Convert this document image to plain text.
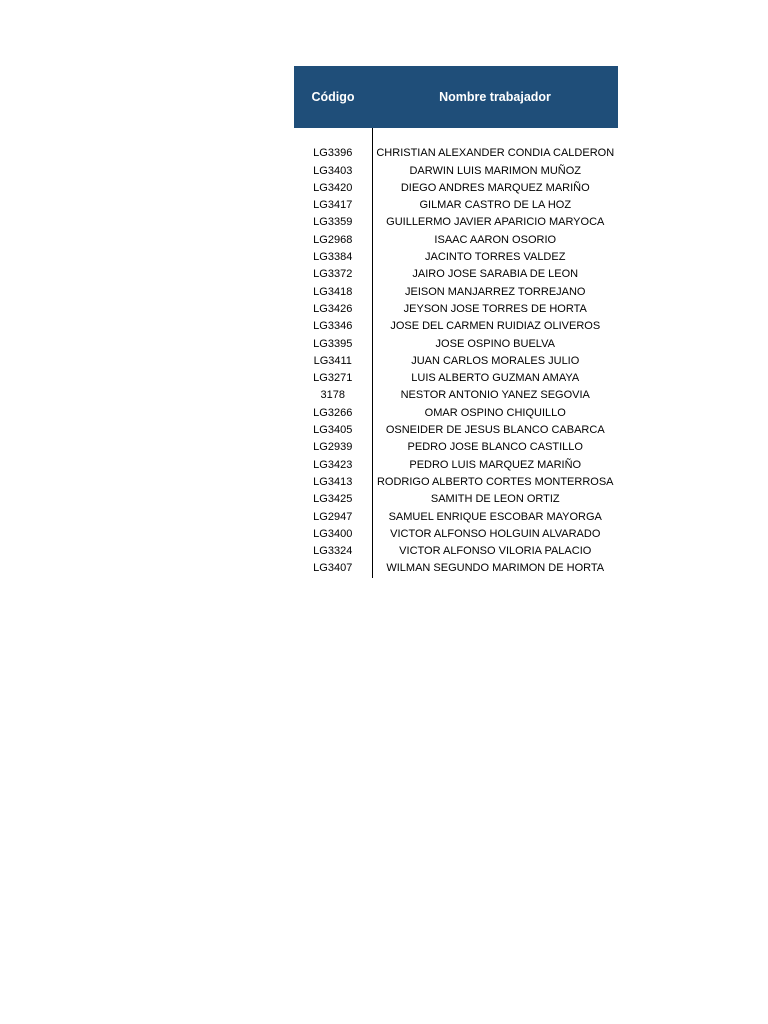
Código	Nombre trabajador

LG3396	CHRISTIAN ALEXANDER CONDIA CALDERON
LG3403	DARWIN LUIS MARIMON MUÑOZ
LG3420	DIEGO ANDRES MARQUEZ MARIÑO
LG3417	GILMAR CASTRO DE LA HOZ
LG3359	GUILLERMO JAVIER APARICIO MARYOCA
LG2968	ISAAC AARON OSORIO
LG3384	JACINTO TORRES VALDEZ
LG3372	JAIRO JOSE SARABIA DE LEON
LG3418	JEISON MANJARREZ TORREJANO
LG3426	JEYSON JOSE TORRES DE HORTA
LG3346	JOSE DEL CARMEN RUIDIAZ OLIVEROS
LG3395	JOSE OSPINO BUELVA
LG3411	JUAN CARLOS MORALES JULIO
LG3271	LUIS ALBERTO GUZMAN AMAYA
3178	NESTOR ANTONIO YANEZ SEGOVIA
LG3266	OMAR OSPINO CHIQUILLO
LG3405	OSNEIDER DE JESUS BLANCO CABARCA
LG2939	PEDRO JOSE BLANCO CASTILLO
LG3423	PEDRO LUIS MARQUEZ MARIÑO
LG3413	RODRIGO ALBERTO CORTES MONTERROSA
LG3425	SAMITH DE LEON ORTIZ
LG2947	SAMUEL ENRIQUE ESCOBAR MAYORGA
LG3400	VICTOR ALFONSO HOLGUIN ALVARADO
LG3324	VICTOR ALFONSO VILORIA PALACIO
LG3407	WILMAN SEGUNDO MARIMON DE HORTA
